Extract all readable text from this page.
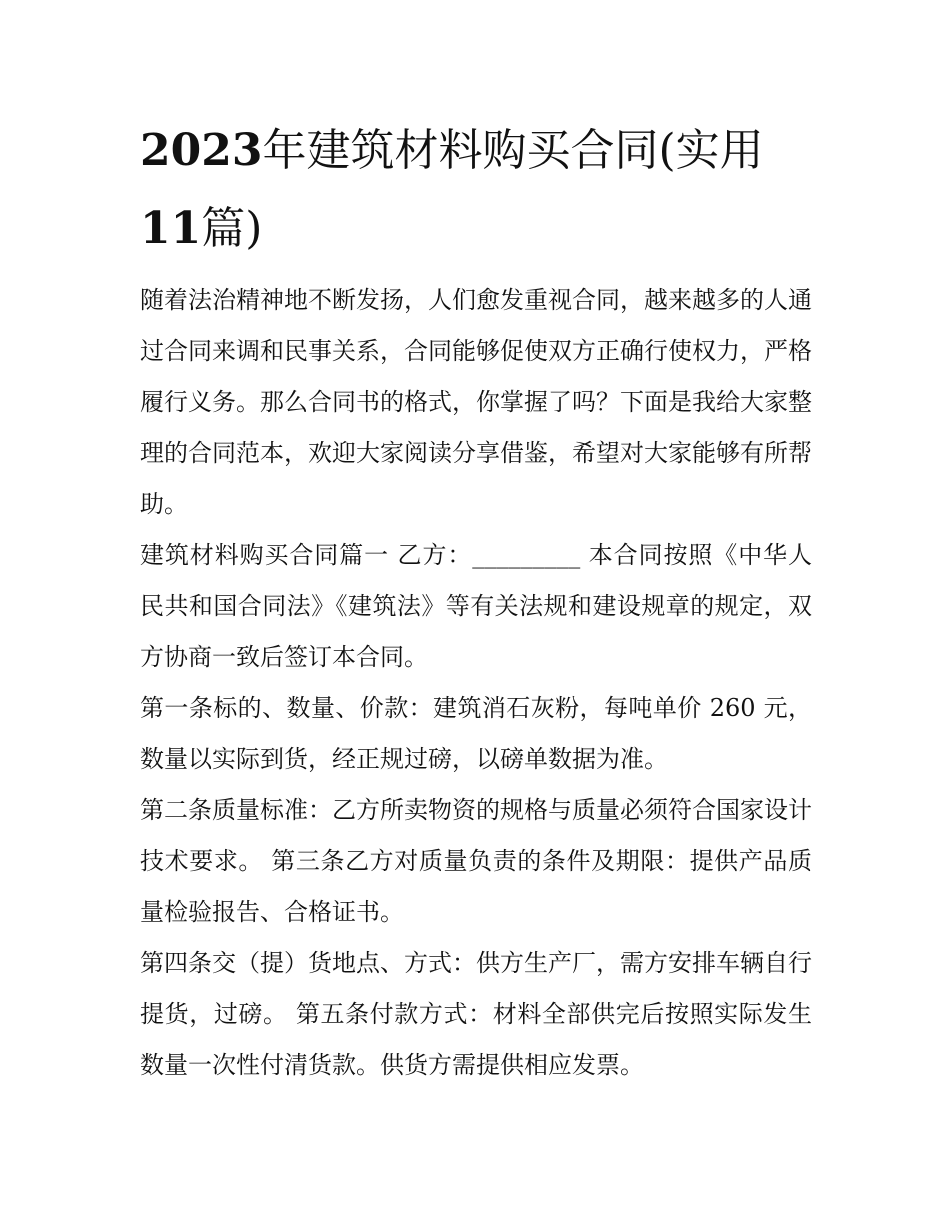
2023年建筑材料购买合同(实用11篇)

随着法治精神地不断发扬，人们愈发重视合同，越来越多的人通过合同来调和民事关系，合同能够促使双方正确行使权力，严格履行义务。那么合同书的格式，你掌握了吗？下面是我给大家整理的合同范本，欢迎大家阅读分享借鉴，希望对大家能够有所帮助。

建筑材料购买合同篇一 乙方：_________ 本合同按照《中华人民共和国合同法》《建筑法》等有关法规和建设规章的规定，双方协商一致后签订本合同。

第一条标的、数量、价款：建筑消石灰粉，每吨单价 260 元，数量以实际到货，经正规过磅，以磅单数据为准。

第二条质量标准：乙方所卖物资的规格与质量必须符合国家设计技术要求。 第三条乙方对质量负责的条件及期限：提供产品质量检验报告、合格证书。

第四条交（提）货地点、方式：供方生产厂，需方安排车辆自行提货，过磅。 第五条付款方式：材料全部供完后按照实际发生数量一次性付清货款。供货方需提供相应发票。
